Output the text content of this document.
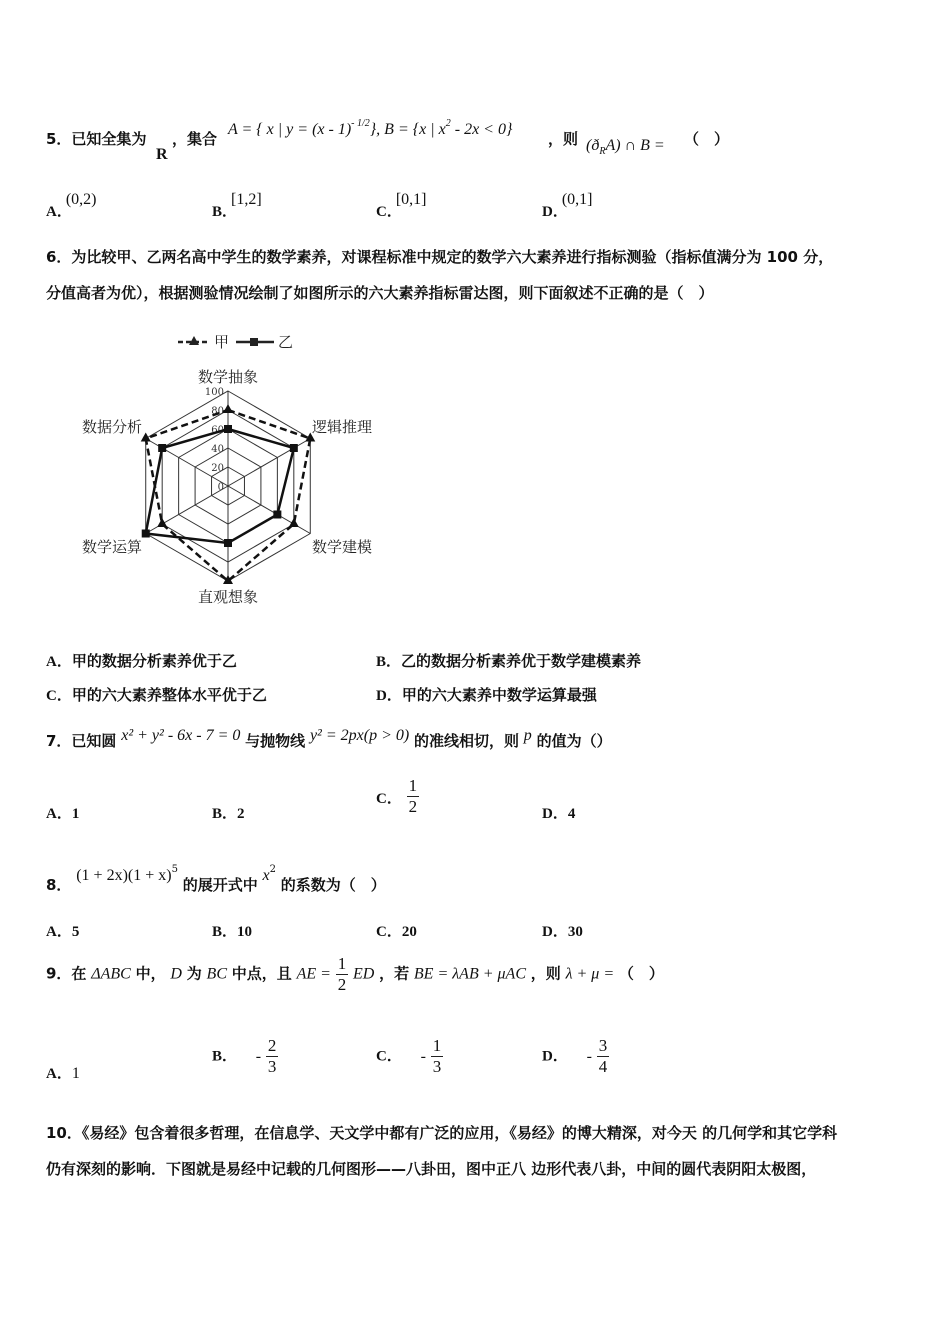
5．已知全集为
R
，集合
A = { x | y = (x - 1)$^{- 1/2}$}, B = {x | $x^2 - 2x < 0$}
，则 $(ð_RA)$ ∩ B = （　）
A．(0,2)
B．[1,2]
C．[0,1]
D．(0,1]
6．为比较甲、乙两名高中学生的数学素养，对课程标准中规定的数学六大素养进行指标测验（指标值满分为 100 分，
分值高者为优），根据测验情况绘制了如图所示的六大素养指标雷达图，则下面叙述不正确的是（　）
甲	乙
100
80
60
40
20
0
数学抽象
逻辑推理
数学建模
直观想象
数学运算
数据分析
A．甲的数据分析素养优于乙	B．乙的数据分析素养优于数学建模素养
C．甲的六大素养整体水平优于乙	D．甲的六大素养中数学运算最强
7．已知圆 x² + y² - 6x - 7 = 0 与抛物线 y² = 2px(p > 0) 的准线相切，则 p 的值为（）
A．1	B．2
C． $\frac{1}{2}$	D．4
8． $(1 + 2x)(1 + x)^5$ 的展开式中 $x^2$ 的系数为（　）
A．5	B．10	C．20	D．30
9．在 ΔABC 中， D 为 BC 中点，且 AE = $\frac{1}{2}$ ED ，若 BE = λAB + μAC ，则 λ + μ = （　）
A．1
B． - $\frac{2}{3}$	C． - $\frac{1}{3}$	D． - $\frac{3}{4}$
10．《易经》包含着很多哲理，在信息学、天文学中都有广泛的应用，《易经》的博大精深，对今天 的几何学和其它学科
仍有深刻的影响．下图就是易经中记载的几何图形——八卦田，图中正八 边形代表八卦，中间的圆代表阴阳太极图，
